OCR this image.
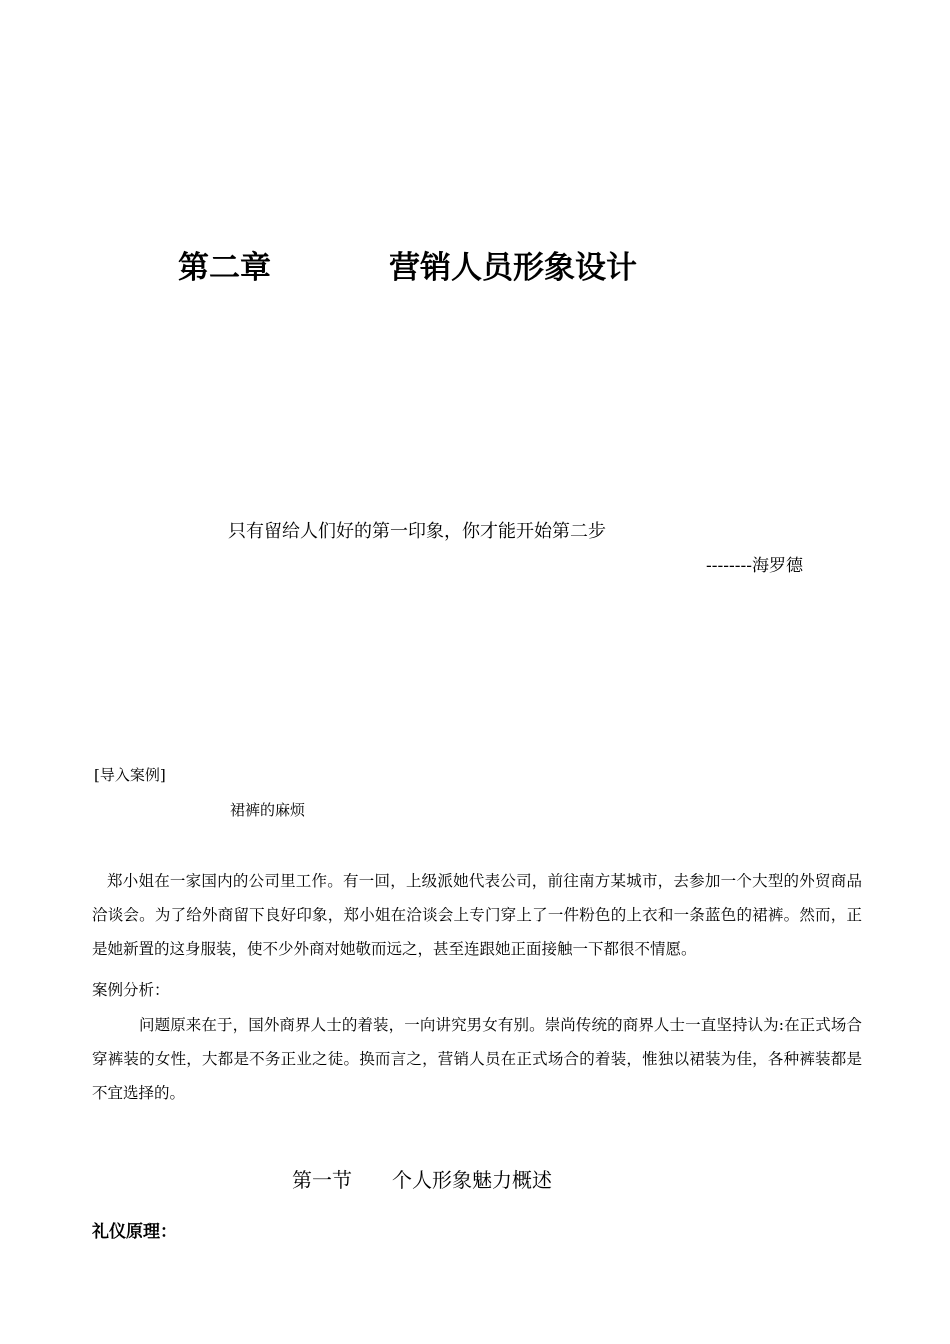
第二章	营销人员形象设计
只有留给人们好的第一印象，你才能开始第二步
--------海罗德
[导入案例]
裙裤的麻烦

郑小姐在一家国内的公司里工作。有一回，上级派她代表公司，前往南方某城市，去参加一个大型的外贸商品洽谈会。为了给外商留下良好印象，郑小姐在洽谈会上专门穿上了一件粉色的上衣和一条蓝色的裙裤。然而，正是她新置的这身服装，使不少外商对她敬而远之，甚至连跟她正面接触一下都很不情愿。

案例分析：

问题原来在于，国外商界人士的着装，一向讲究男女有别。崇尚传统的商界人士一直坚持认为:在正式场合穿裤装的女性，大都是不务正业之徒。换而言之，营销人员在正式场合的着装，惟独以裙装为佳，各种裤装都是不宜选择的。

第一节 个人形象魅力概述
礼仪原理：
